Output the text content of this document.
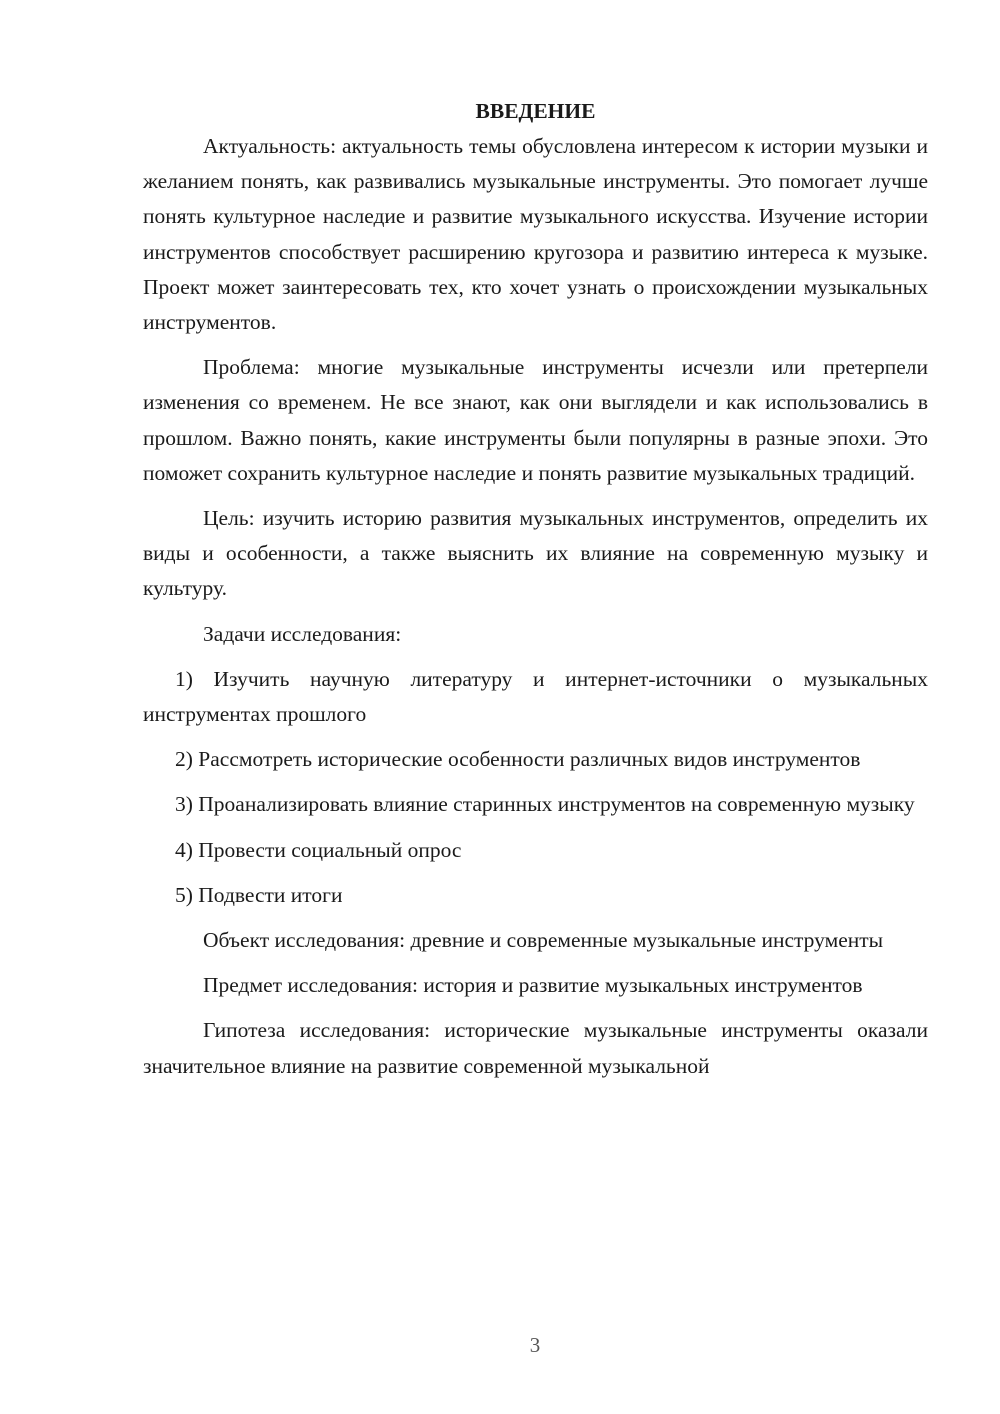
ВВЕДЕНИЕ

Актуальность: актуальность темы обусловлена интересом к истории музыки и желанием понять, как развивались музыкальные инструменты. Это помогает лучше понять культурное наследие и развитие музыкального искусства. Изучение истории инструментов способствует расширению кругозора и развитию интереса к музыке. Проект может заинтересовать тех, кто хочет узнать о происхождении музыкальных инструментов.

Проблема: многие музыкальные инструменты исчезли или претерпели изменения со временем. Не все знают, как они выглядели и как использовались в прошлом. Важно понять, какие инструменты были популярны в разные эпохи. Это поможет сохранить культурное наследие и понять развитие музыкальных традиций.

Цель: изучить историю развития музыкальных инструментов, определить их виды и особенности, а также выяснить их влияние на современную музыку и культуру.

Задачи исследования:

1) Изучить научную литературу и интернет-источники о музыкальных инструментах прошлого

2) Рассмотреть исторические особенности различных видов инструментов

3) Проанализировать влияние старинных инструментов на современную музыку

4) Провести социальный опрос

5) Подвести итоги

Объект исследования: древние и современные музыкальные инструменты

Предмет исследования: история и развитие музыкальных инструментов

Гипотеза исследования: исторические музыкальные инструменты оказали значительное влияние на развитие современной музыкальной

3
